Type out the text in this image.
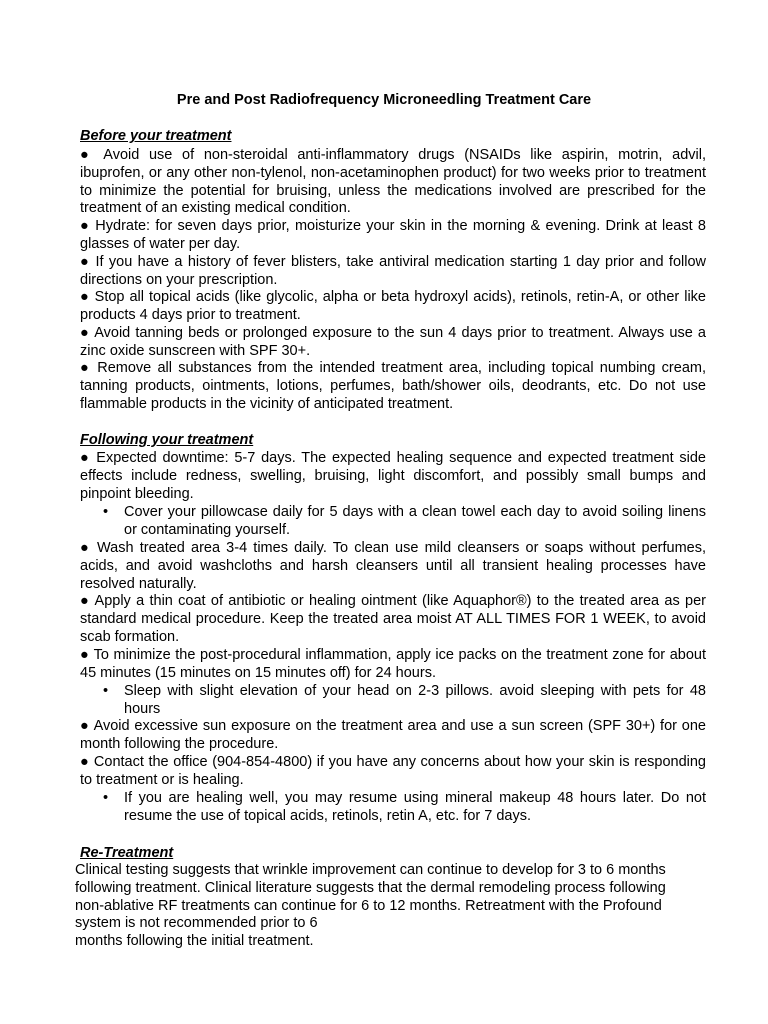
Pre and Post Radiofrequency Microneedling Treatment Care
Before your treatment
● Avoid use of non-steroidal anti-inflammatory drugs (NSAIDs like aspirin, motrin, advil, ibuprofen, or any other non-tylenol, non-acetaminophen product) for two weeks prior to treatment to minimize the potential for bruising, unless the medications involved are prescribed for the treatment of an existing medical condition.
● Hydrate: for seven days prior, moisturize your skin in the morning & evening. Drink at least 8 glasses of water per day.
● If you have a history of fever blisters, take antiviral medication starting 1 day prior and follow directions on your prescription.
● Stop all topical acids (like glycolic, alpha or beta hydroxyl acids), retinols, retin-A, or other like products 4 days prior to treatment.
● Avoid tanning beds or prolonged exposure to the sun 4 days prior to treatment. Always use a zinc oxide sunscreen with SPF 30+.
● Remove all substances from the intended treatment area, including topical numbing cream, tanning products, ointments, lotions, perfumes, bath/shower oils, deodrants, etc. Do not use flammable products in the vicinity of anticipated treatment.
Following your treatment
● Expected downtime: 5-7 days. The expected healing sequence and expected treatment side effects include redness, swelling, bruising, light discomfort, and possibly small bumps and pinpoint bleeding.
• Cover your pillowcase daily for 5 days with a clean towel each day to avoid soiling linens or contaminating yourself.
● Wash treated area 3-4 times daily. To clean use mild cleansers or soaps without perfumes, acids, and avoid washcloths and harsh cleansers until all transient healing processes have resolved naturally.
● Apply a thin coat of antibiotic or healing ointment (like Aquaphor®) to the treated area as per standard medical procedure. Keep the treated area moist AT ALL TIMES FOR 1 WEEK, to avoid scab formation.
● To minimize the post-procedural inflammation, apply ice packs on the treatment zone for about 45 minutes (15 minutes on 15 minutes off) for 24 hours.
• Sleep with slight elevation of your head on 2-3 pillows. avoid sleeping with pets for 48 hours
● Avoid excessive sun exposure on the treatment area and use a sun screen (SPF 30+) for one month following the procedure.
● Contact the office (904-854-4800) if you have any concerns about how your skin is responding to treatment or is healing.
• If you are healing well, you may resume using mineral makeup 48 hours later. Do not resume the use of topical acids, retinols, retin A, etc. for 7 days.
Re-Treatment
Clinical testing suggests that wrinkle improvement can continue to develop for 3 to 6 months
following treatment. Clinical literature suggests that the dermal remodeling process following
non-ablative RF treatments can continue for 6 to 12 months. Retreatment with the Profound
system is not recommended prior to 6
months following the initial treatment.
